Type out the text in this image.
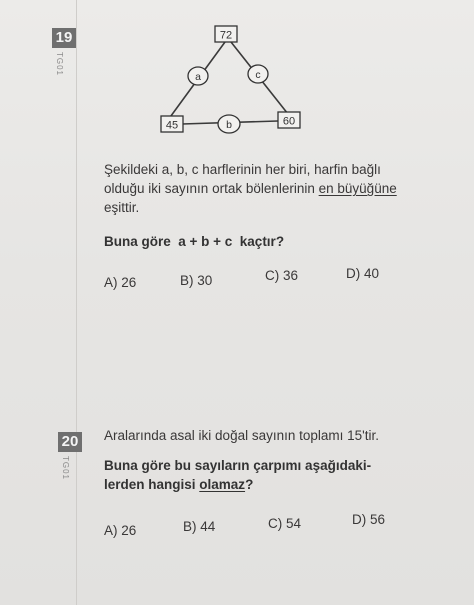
19
TG01
72
45	60
a	c
b
Şekildeki a, b, c harflerinin her biri, harfin bağlı
olduğu iki sayının ortak bölenlerinin en büyüğüne
eşittir.
Buna göre  a + b + c  kaçtır?
A) 26	B) 30	C) 36	D) 40
20
TG01
Aralarında asal iki doğal sayının toplamı 15'tir.
Buna göre bu sayıların çarpımı aşağıdaki-
lerden hangisi olamaz?
A) 26	B) 44	C) 54	D) 56
